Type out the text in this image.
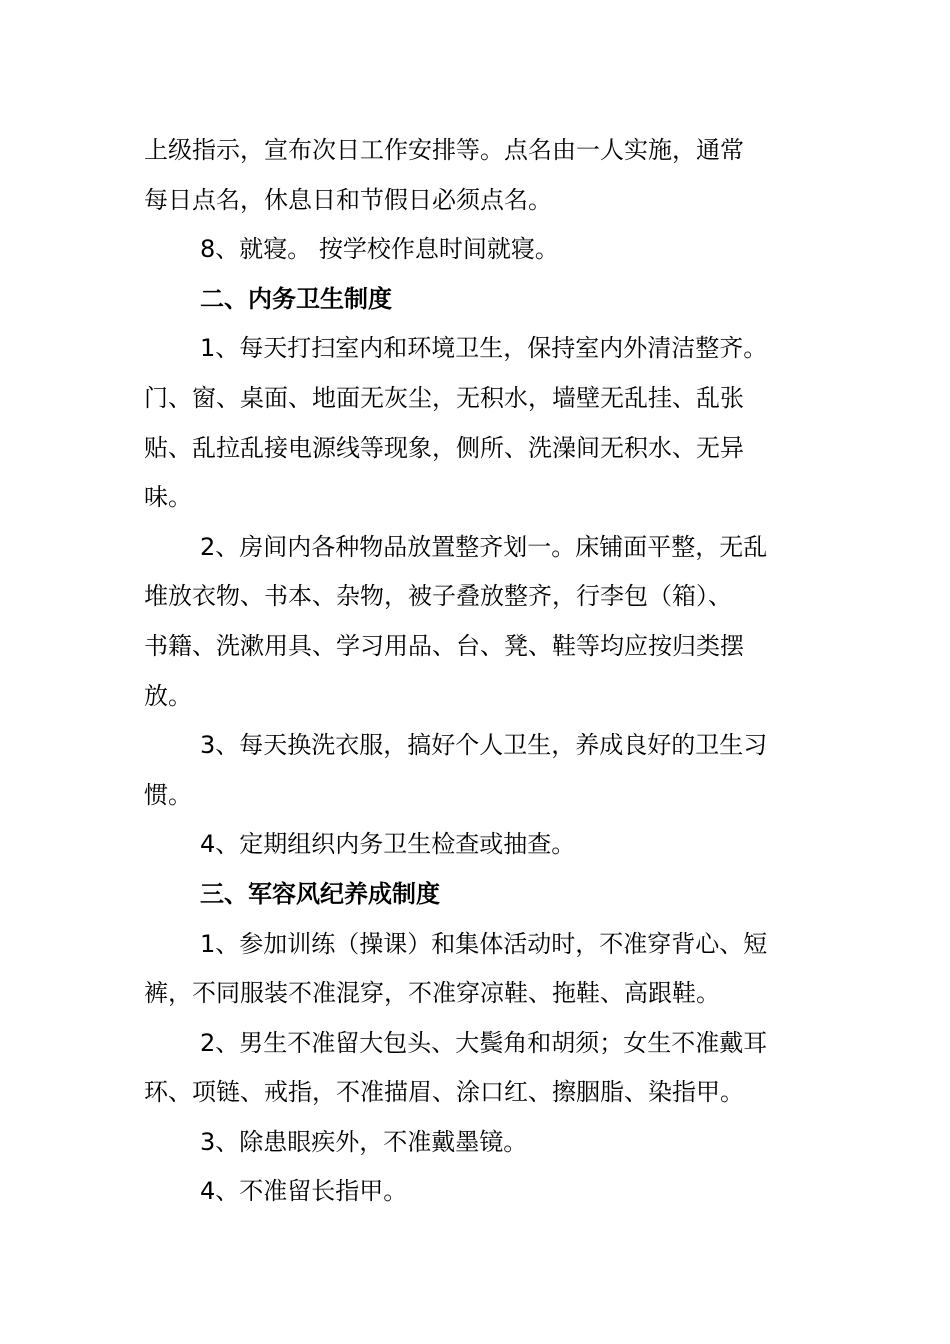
上级指示，宣布次日工作安排等。点名由一人实施，通常
每日点名，休息日和节假日必须点名。
8、就寝。 按学校作息时间就寝。
二、内务卫生制度
1、每天打扫室内和环境卫生，保持室内外清洁整齐。
门、窗、桌面、地面无灰尘，无积水，墙壁无乱挂、乱张
贴、乱拉乱接电源线等现象，侧所、洗澡间无积水、无异
味。
2、房间内各种物品放置整齐划一。床铺面平整，无乱
堆放衣物、书本、杂物，被子叠放整齐，行李包（箱）、
书籍、洗漱用具、学习用品、台、凳、鞋等均应按归类摆
放。
3、每天换洗衣服，搞好个人卫生，养成良好的卫生习
惯。
4、定期组织内务卫生检查或抽查。
三、军容风纪养成制度
1、参加训练（操课）和集体活动时，不准穿背心、短
裤，不同服装不准混穿，不准穿凉鞋、拖鞋、高跟鞋。
2、男生不准留大包头、大鬓角和胡须；女生不准戴耳
环、项链、戒指，不准描眉、涂口红、擦胭脂、染指甲。
3、除患眼疾外，不准戴墨镜。
4、不准留长指甲。
